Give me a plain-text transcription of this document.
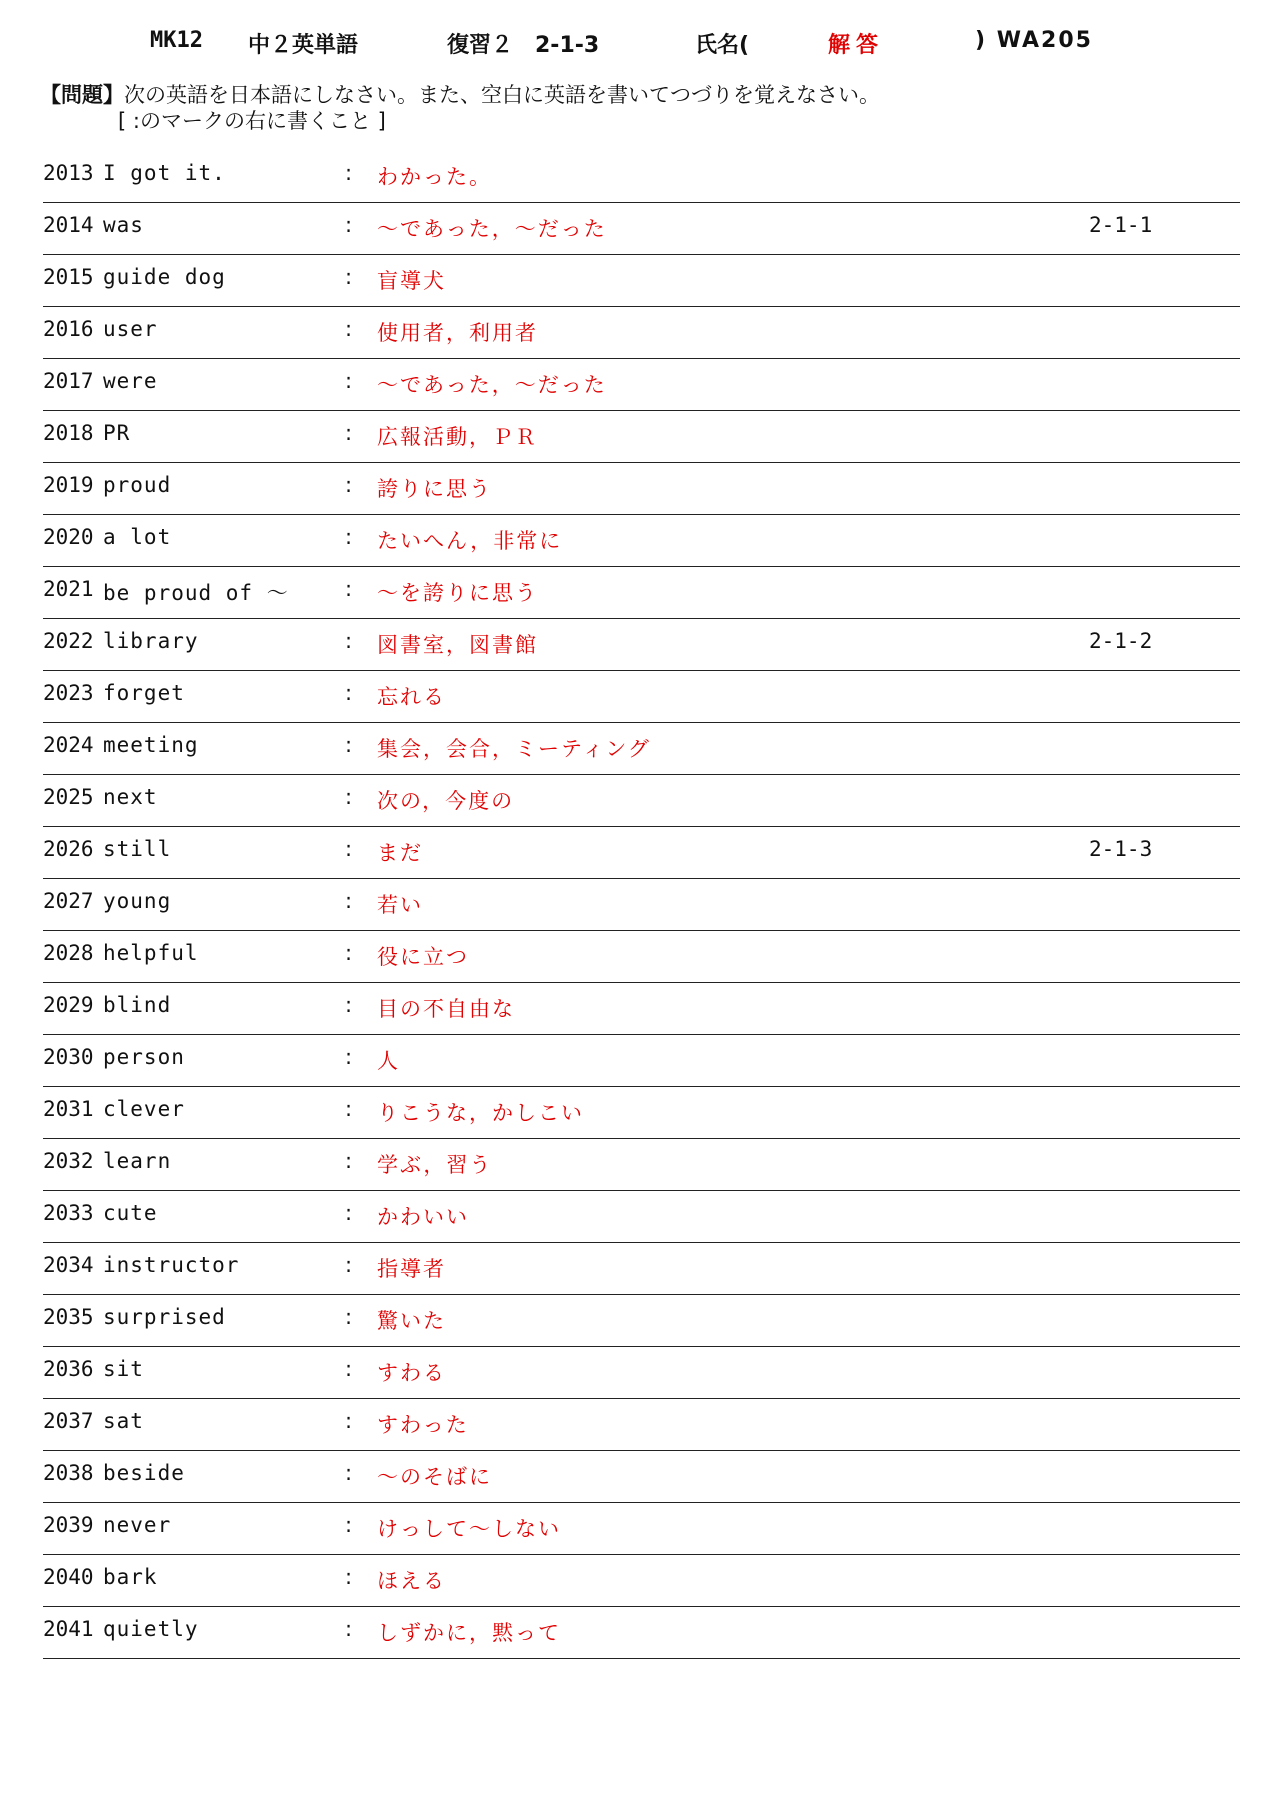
MK12 中２英単語	復習２　2-1-3	氏名(	解答	) WA205
【問題】次の英語を日本語にしなさい。また、空白に英語を書いてつづりを覚えなさい。
[ :のマークの右に書くこと ]
2013 I got it.	: わかった。
2014 was	: ～であった，～だった	2-1-1
2015 guide dog	: 盲導犬
2016 user	: 使用者，利用者
2017 were	: ～であった，～だった
2018 PR	: 広報活動，ＰＲ
2019 proud	: 誇りに思う
2020 a lot	: たいへん，非常に
2021 be proud of ～	: ～を誇りに思う
2022 library	: 図書室，図書館	2-1-2
2023 forget	: 忘れる
2024 meeting	: 集会，会合，ミーティング
2025 next	: 次の，今度の
2026 still	: まだ	2-1-3
2027 young	: 若い
2028 helpful	: 役に立つ
2029 blind	: 目の不自由な
2030 person	: 人
2031 clever	: りこうな，かしこい
2032 learn	: 学ぶ，習う
2033 cute	: かわいい
2034 instructor	: 指導者
2035 surprised	: 驚いた
2036 sit	: すわる
2037 sat	: すわった
2038 beside	: ～のそばに
2039 never	: けっして～しない
2040 bark	: ほえる
2041 quietly	: しずかに，黙って
